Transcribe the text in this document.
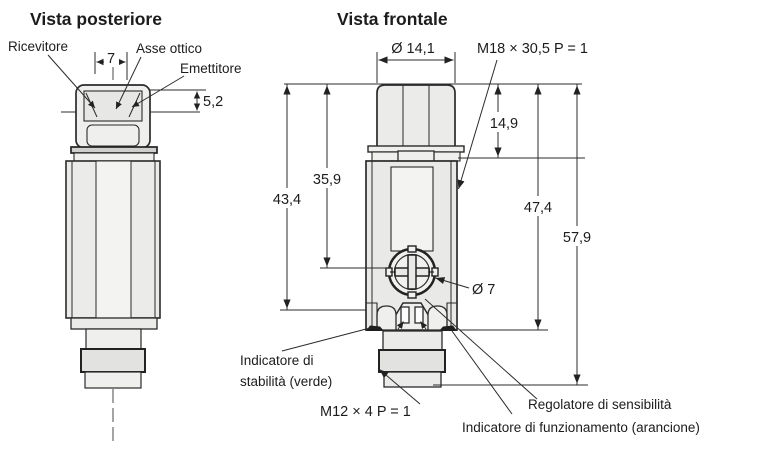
Vista posteriore	Vista frontale
7
5,2
Ricevitore	Asse ottico
Emettitore
Ø 14,1	M18 × 30,5 P = 1
14,9
35,9
43,4	47,4
57,9
Ø 7
Indicatore di
stabilità (verde)
M12 × 4 P = 1	Regolatore di sensibilità
Indicatore di funzionamento (arancione)
